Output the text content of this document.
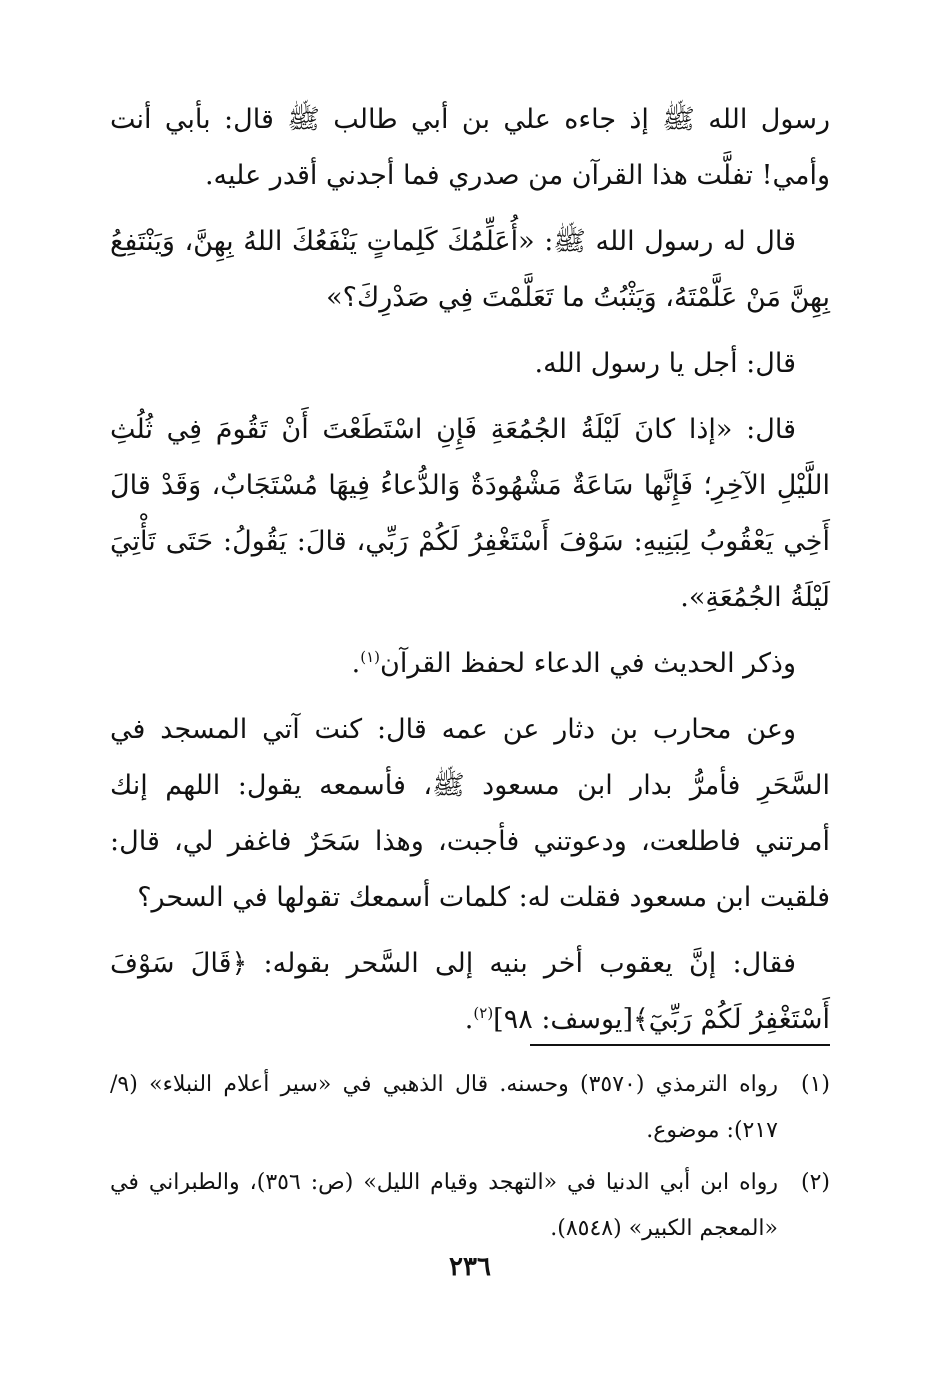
رسول الله ﷺ إذ جاءه علي بن أبي طالب ﷺ قال: بأبي أنت وأمي! تفلَّت هذا القرآن من صدري فما أجدني أقدر عليه.

قال له رسول الله ﷺ: «أُعَلِّمُكَ كَلِماتٍ يَنْفَعُكَ اللهُ بِهِنَّ، وَيَنْتَفِعُ بِهِنَّ مَنْ عَلَّمْتَهُ، وَيَثْبُتُ ما تَعَلَّمْتَ فِي صَدْرِكَ؟»

قال: أجل يا رسول الله.

قال: «إذا كانَ لَيْلَةُ الجُمُعَةِ فَإِنِ اسْتَطَعْتَ أَنْ تَقُومَ فِي ثُلُثِ اللَّيْلِ الآخِرِ؛ فَإِنَّها سَاعَةٌ مَشْهُودَةٌ وَالدُّعاءُ فِيهَا مُسْتَجَابٌ، وَقَدْ قالَ أَخِي يَعْقُوبُ لِبَنِيهِ: سَوْفَ أَسْتَغْفِرُ لَكُمْ رَبِّي، قالَ: يَقُولُ: حَتَى تَأْتِيَ لَيْلَةُ الجُمُعَةِ».

وذكر الحديث في الدعاء لحفظ القرآن$^{(١)}$.

وعن محارب بن دثار عن عمه قال: كنت آتي المسجد في السَّحَرِ فأمرُّ بدار ابن مسعود ﷺ، فأسمعه يقول: اللهم إنك أمرتني فاطلعت، ودعوتني فأجبت، وهذا سَحَرٌ فاغفر لي، قال: فلقيت ابن مسعود فقلت له: كلمات أسمعك تقولها في السحر؟

فقال: إنَّ يعقوب أخر بنيه إلى السَّحر بقوله: ﴿قَالَ سَوْفَ أَسْتَغْفِرُ لَكُمْ رَبِّيٓ﴾[يوسف: ٩٨]$^{(٢)}$.

(١)
رواه الترمذي (٣٥٧٠) وحسنه. قال الذهبي في «سير أعلام النبلاء» (٩/ ٢١٧): موضوع.
(٢)
رواه ابن أبي الدنيا في «التهجد وقيام الليل» (ص: ٣٥٦)، والطبراني في «المعجم الكبير» (٨٥٤٨).
٢٣٦
